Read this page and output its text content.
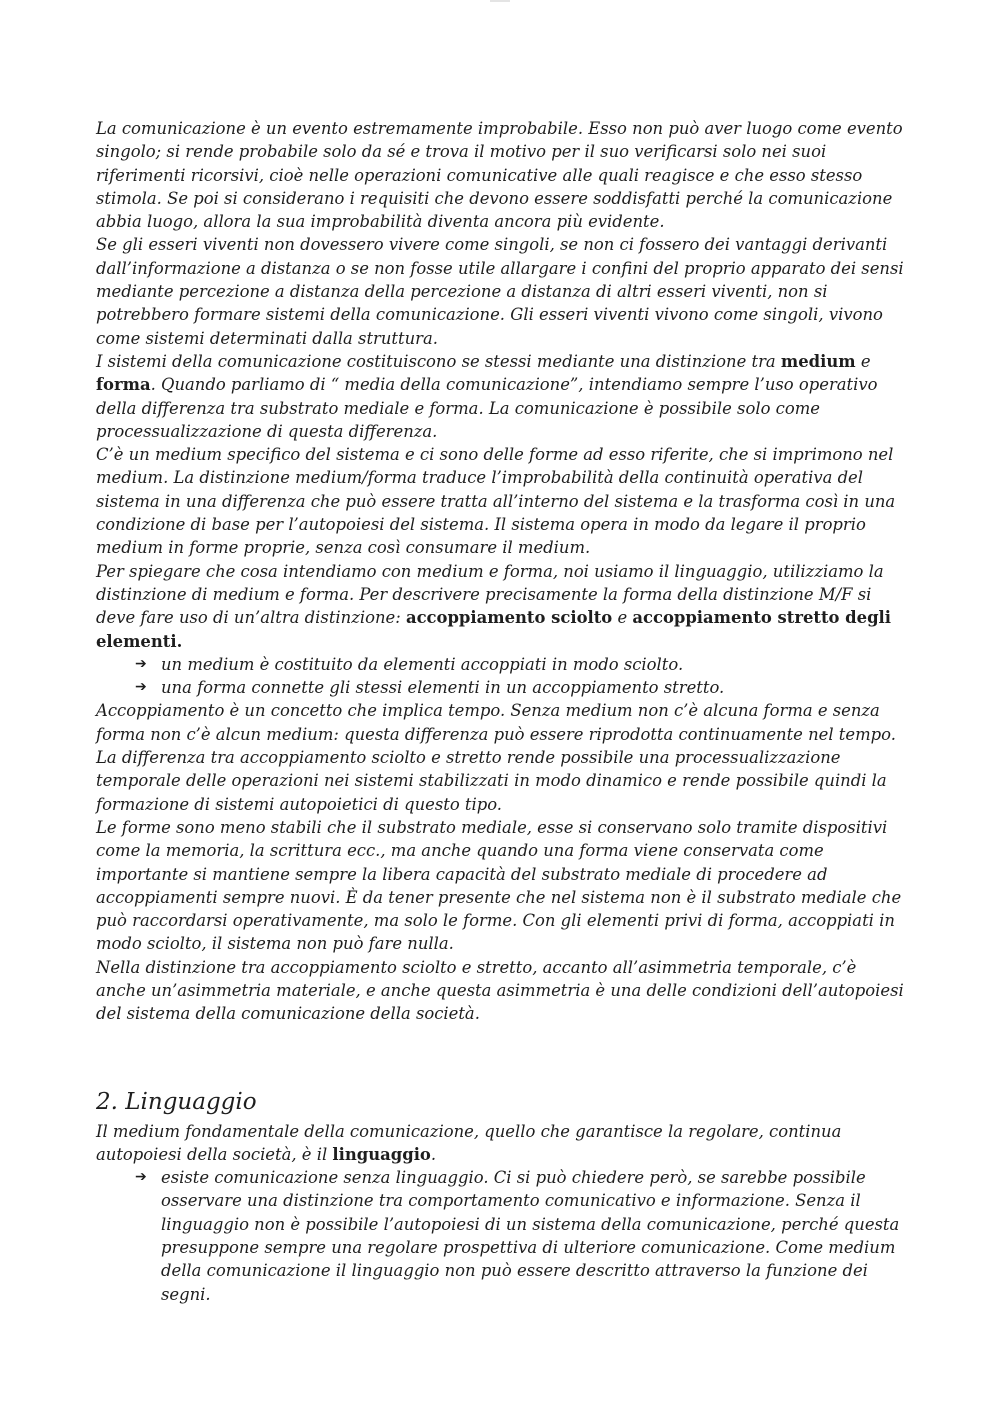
La comunicazione è un evento estremamente improbabile. Esso non può aver luogo come evento singolo; si rende probabile solo da sé e trova il motivo per il suo verificarsi solo nei suoi riferimenti ricorsivi, cioè nelle operazioni comunicative alle quali reagisce e che esso stesso stimola. Se poi si considerano i requisiti che devono essere soddisfatti perché la comunicazione abbia luogo, allora la sua improbabilità diventa ancora più evidente.

Se gli esseri viventi non dovessero vivere come singoli, se non ci fossero dei vantaggi derivanti dall’informazione a distanza o se non fosse utile allargare i confini del proprio apparato dei sensi mediante percezione a distanza della percezione a distanza di altri esseri viventi, non si potrebbero formare sistemi della comunicazione. Gli esseri viventi vivono come singoli, vivono come sistemi determinati dalla struttura.

I sistemi della comunicazione costituiscono se stessi mediante una distinzione tra medium e forma. Quando parliamo di “ media della comunicazione”, intendiamo sempre l’uso operativo della differenza tra substrato mediale e forma. La comunicazione è possibile solo come processualizzazione di questa differenza.

C’è un medium specifico del sistema e ci sono delle forme ad esso riferite, che si imprimono nel medium. La distinzione medium/forma traduce l’improbabilità della continuità operativa del sistema in una differenza che può essere tratta all’interno del sistema e la trasforma così in una condizione di base per l’autopoiesi del sistema. Il sistema opera in modo da legare il proprio medium in forme proprie, senza così consumare il medium.

Per spiegare che cosa intendiamo con medium e forma, noi usiamo il linguaggio, utilizziamo la distinzione di medium e forma. Per descrivere precisamente la forma della distinzione M/F si deve fare uso di un’altra distinzione: accoppiamento sciolto e accoppiamento stretto degli elementi.

➔ un medium è costituito da elementi accoppiati in modo sciolto.
➔ una forma connette gli stessi elementi in un accoppiamento stretto.

Accoppiamento è un concetto che implica tempo. Senza medium non c’è alcuna forma e senza forma non c’è alcun medium: questa differenza può essere riprodotta continuamente nel tempo. La differenza tra accoppiamento sciolto e stretto rende possibile una processualizzazione temporale delle operazioni nei sistemi stabilizzati in modo dinamico e rende possibile quindi la formazione di sistemi autopoietici di questo tipo.

Le forme sono meno stabili che il substrato mediale, esse si conservano solo tramite dispositivi come la memoria, la scrittura ecc., ma anche quando una forma viene conservata come importante si mantiene sempre la libera capacità del substrato mediale di procedere ad accoppiamenti sempre nuovi. È da tener presente che nel sistema non è il substrato mediale che può raccordarsi operativamente, ma solo le forme. Con gli elementi privi di forma, accoppiati in modo sciolto, il sistema non può fare nulla.

Nella distinzione tra accoppiamento sciolto e stretto, accanto all’asimmetria temporale, c’è anche un’asimmetria materiale, e anche questa asimmetria è una delle condizioni dell’autopoiesi del sistema della comunicazione della società.

2. Linguaggio

Il medium fondamentale della comunicazione, quello che garantisce la regolare, continua autopoiesi della società, è il linguaggio.

➔ esiste comunicazione senza linguaggio. Ci si può chiedere però, se sarebbe possibile osservare una distinzione tra comportamento comunicativo e informazione. Senza il linguaggio non è possibile l’autopoiesi di un sistema della comunicazione, perché questa presuppone sempre una regolare prospettiva di ulteriore comunicazione. Come medium della comunicazione il linguaggio non può essere descritto attraverso la funzione dei segni.
